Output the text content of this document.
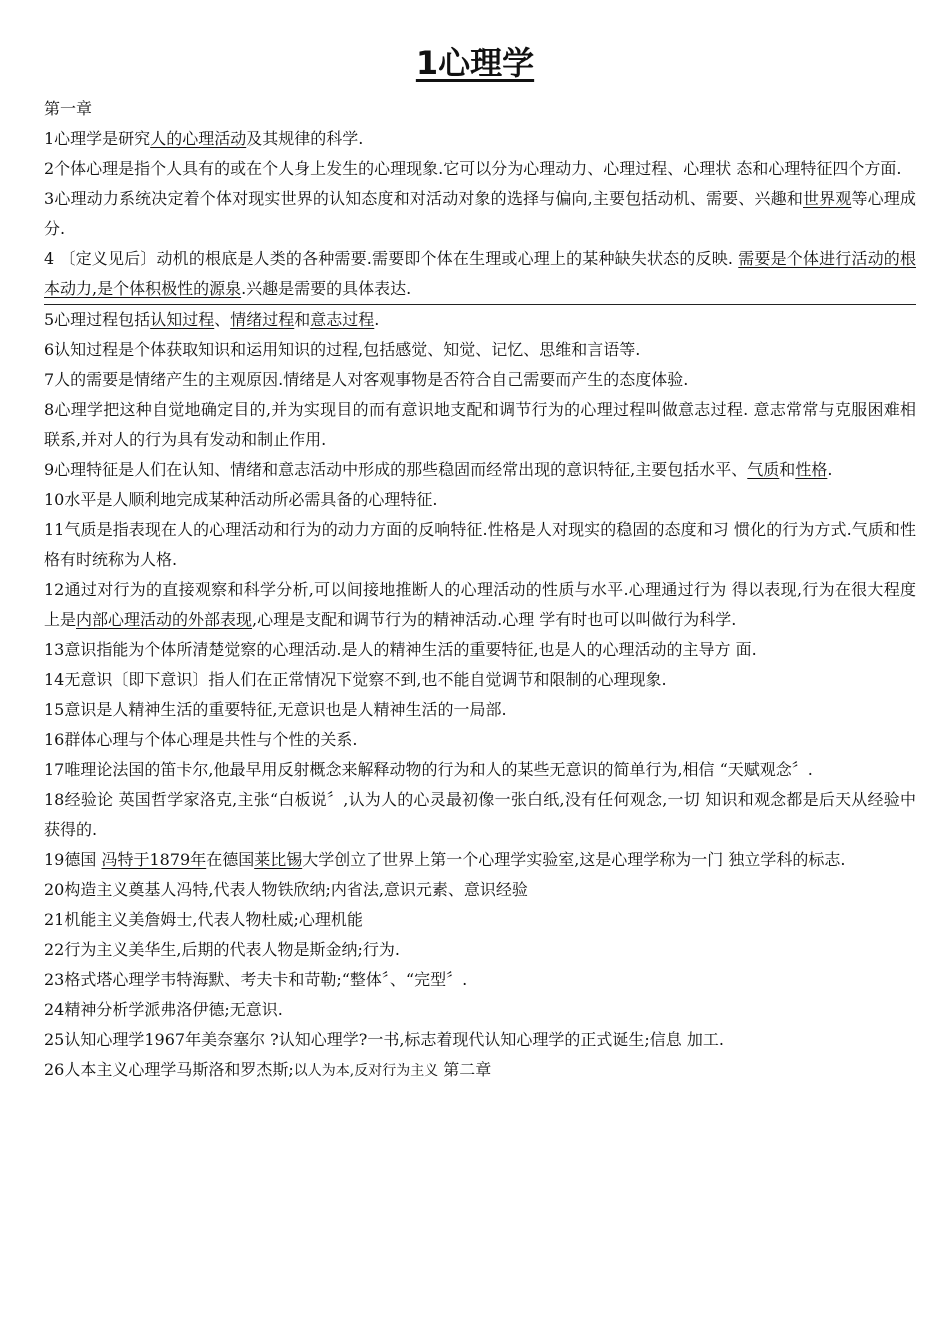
1心理学

第一章

1心理学是研究人的心理活动及其规律的科学.

2个体心理是指个人具有的或在个人身上发生的心理现象.它可以分为心理动力、心理过程、心理状 态和心理特征四个方面.

3心理动力系统决定着个体对现实世界的认知态度和对活动对象的选择与偏向,主要包括动机、需要、兴趣和世界观等心理成分.

4 〔定义见后〕动机的根底是人类的各种需要.需要即个体在生理或心理上的某种缺失状态的反映. 需要是个体进行活动的根本动力,是个体积极性的源泉.兴趣是需要的具体表达.

5心理过程包括认知过程、情绪过程和意志过程.

6认知过程是个体获取知识和运用知识的过程,包括感觉、知觉、记忆、思维和言语等.

7人的需要是情绪产生的主观原因.情绪是人对客观事物是否符合自己需要而产生的态度体验.

8心理学把这种自觉地确定目的,并为实现目的而有意识地支配和调节行为的心理过程叫做意志过程. 意志常常与克服困难相联系,并对人的行为具有发动和制止作用.

9心理特征是人们在认知、情绪和意志活动中形成的那些稳固而经常出现的意识特征,主要包括水平、气质和性格.

10水平是人顺利地完成某种活动所必需具备的心理特征.

11气质是指表现在人的心理活动和行为的动力方面的反响特征.性格是人对现实的稳固的态度和习 惯化的行为方式.气质和性格有时统称为人格.

12通过对行为的直接观察和科学分析,可以间接地推断人的心理活动的性质与水平.心理通过行为 得以表现,行为在很大程度上是内部心理活动的外部表现,心理是支配和调节行为的精神活动.心理 学有时也可以叫做行为科学.

13意识指能为个体所清楚觉察的心理活动.是人的精神生活的重要特征,也是人的心理活动的主导方 面.

14无意识〔即下意识〕指人们在正常情况下觉察不到,也不能自觉调节和限制的心理现象.

15意识是人精神生活的重要特征,无意识也是人精神生活的一局部.

16群体心理与个体心理是共性与个性的关系.

17唯理论法国的笛卡尔,他最早用反射概念来解释动物的行为和人的某些无意识的简单行为,相信 “天赋观念〞.

18经验论 英国哲学家洛克,主张“白板说〞,认为人的心灵最初像一张白纸,没有任何观念,一切 知识和观念都是后天从经验中获得的.

19德国 冯特于1879年在德国莱比锡大学创立了世界上第一个心理学实验室,这是心理学称为一门 独立学科的标志.

20构造主义奠基人冯特,代表人物铁欣纳;内省法,意识元素、意识经验

21机能主义美詹姆士,代表人物杜威;心理机能

22行为主义美华生,后期的代表人物是斯金纳;行为.

23格式塔心理学韦特海默、考夫卡和苛勒;“整体〞、“完型〞.

24精神分析学派弗洛伊德;无意识.

25认知心理学1967年美奈塞尔 ?认知心理学?一书,标志着现代认知心理学的正式诞生;信息 加工.

26人本主义心理学马斯洛和罗杰斯;以人为本,反对行为主义 第二章
